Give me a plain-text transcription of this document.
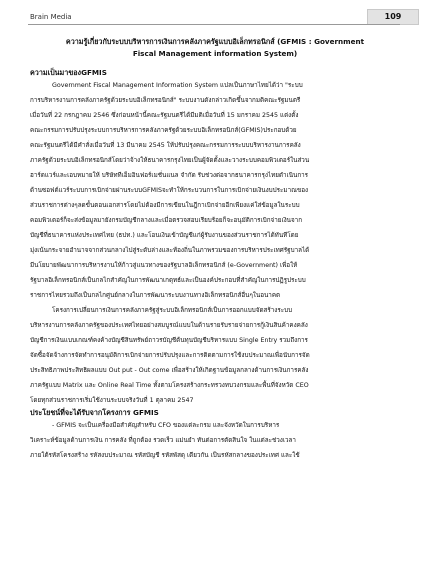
Brain Media	109
ความรู้เกี่ยวกับระบบบริหารการเงินการคลังภาครัฐแบบอิเล็กทรอนิกส์ (GFMIS : Government
Fiscal Management information System)
ความเป็นมาของGFMIS
Government Fiscal Management Information System แปลเป็นภาษาไทยได้ว่า "ระบบ
การบริหารงานการคลังภาครัฐด้วยระบบอิเล็กทรอนิกส์" ระบบงานดังกล่าวเกิดขึ้นจากมติคณะรัฐมนตรี
เมื่อวันที่ 22 กรกฎาคม 2546 ซึ่งก่อนหน้านี้คณะรัฐมนตรีได้มีมติเมื่อวันที่ 15 มกราคม 2545 แต่งตั้ง
คณะกรรมการปรับปรุงระบบการบริหารการคลังภาครัฐด้วยระบบอิเล็กทรอนิกส์(GFMIS)ประกอบด้วย
คณะรัฐมนตรีได้มีคำสั่งเมื่อวันที่ 13 มีนาคม 2545 ให้ปรับปรุงคณะกรรมการระบบบริหารงานการคลัง
ภาครัฐด้วยระบบอิเล็กทรอนิกส์โดยว่าจ้างให้ธนาคารกรุงไทยเป็นผู้จัดตั้งและวางระบบคอมพิวเตอร์ในส่วน
ฮาร์ดแวร์และเอบหมายให้ บริษัททีเอ็มอินฟอร์เมชั่นแนล จำกัด รับช่วงต่อจากธนาคารกรุงไทยดำเนินการ
ด้านซอฟต์แวร์ระบบการเบิกจ่ายผ่านระบบGFMISจะทำให้กระบวนการในการเบิกจ่ายเงินงบประมาณของ
ส่วนราชการต่างๆลดขั้นตอนเอกสารโดยไม่ต้องมีการเขียนในฎีกาเบิกจ่ายอีกเพียงแค่ใส่ข้อมูลในระบบ
คอมพิวเตอร์ก็จะส่งข้อมูลมายังกรมบัญชีกลางและเมื่อตรวจสอบเรียบร้อยก็จะอนุมัติการเบิกจ่ายเงินจาก
บัญชีที่ธนาคารแห่งประเทศไทย (ธปท.) และโอนเงินเข้าบัญชีแก่ผู้รับงานของส่วนราชการได้ทันทีโดย
มุ่งเน้นกระจายอำนาจจากส่วนกลางไปสู่ระดับล่างและท้องถิ่นในภาพรวมของการบริหารประเทศรัฐบาลได้
มีนโยบายพัฒนาการบริหารงานให้ก้าวสู่แนวทางของรัฐบาลอิเล็กทรอนิกส์ (e-Government) เพื่อให้
รัฐบาลอิเล็กทรอนิกส์เป็นกลไกสำคัญในการพัฒนาเกดุทธ์และเป็นองค์ประกอบที่สำคัญในการปฏิรูประบบ
ราชการไทยรวมถึงเป็นกลไกศูนย์กลางในการพัฒนาระบบงานทางอิเล็กทรอนิกส์อื่นๆในอนาคต
โครงการเปลี่ยนการเงินการคลังภาครัฐสู่ระบบอิเล็กทรอนิกส์เป็นการออกแบบจัดสร้างระบบ
บริหารงานการคลังภาครัฐของประเทศไทยอย่างสมบูรณ์แบบในด้านรายรับรายจ่ายการกู้เงินสินค้าคงคลัง
บัญชีการเงินแบบเกณฑ์คงค้างบัญชีสินทรัพย์ถาวรบัญชีต้นทุนบัญชีบริหารแบบ Single Entry รวมถึงการ
จัดซื้อจัดจ้างการจัดทำการอนุมัติการเบิกจ่ายการปรับปรุงและการติดตามการใช้งบประมาณเพื่อนับการจัด
ประสิทธิภาพประสิทธิผลแบบ Out put - Out come เพื่อสร้างให้เกิดฐานข้อมูลกลางด้านการเงินการคลัง
ภาครัฐแบบ Matrix และ Online Real Time ทั้งตามโครงสร้างกระทรวงทบวงกรมและพื้นที่จังหวัด CEO
โดยทุกส่วนราชการเริ่มใช้งานระบบจริงวันที่ 1 ตุลาคม 2547
ประโยชน์ที่จะได้รับจากโครงการ GFMIS
- GFMIS จะเป็นเครื่องมือสำคัญสำหรับ CFO ของแต่ละกรม และจังหวัดในการบริหาร
วิเคราะห์ข้อมูลด้านการเงิน การคลัง ที่ถูกต้อง รวดเร็ว แม่นยำ ทันต่อการตัดสินใจ ในแต่ละช่วงเวลา
ภายใต้รหัสโครงสร้าง รหัสงบประมาณ รหัสบัญชี รหัสพัสดุ เดียวกัน เป็นรหัสกลางของประเทศ และใช้
